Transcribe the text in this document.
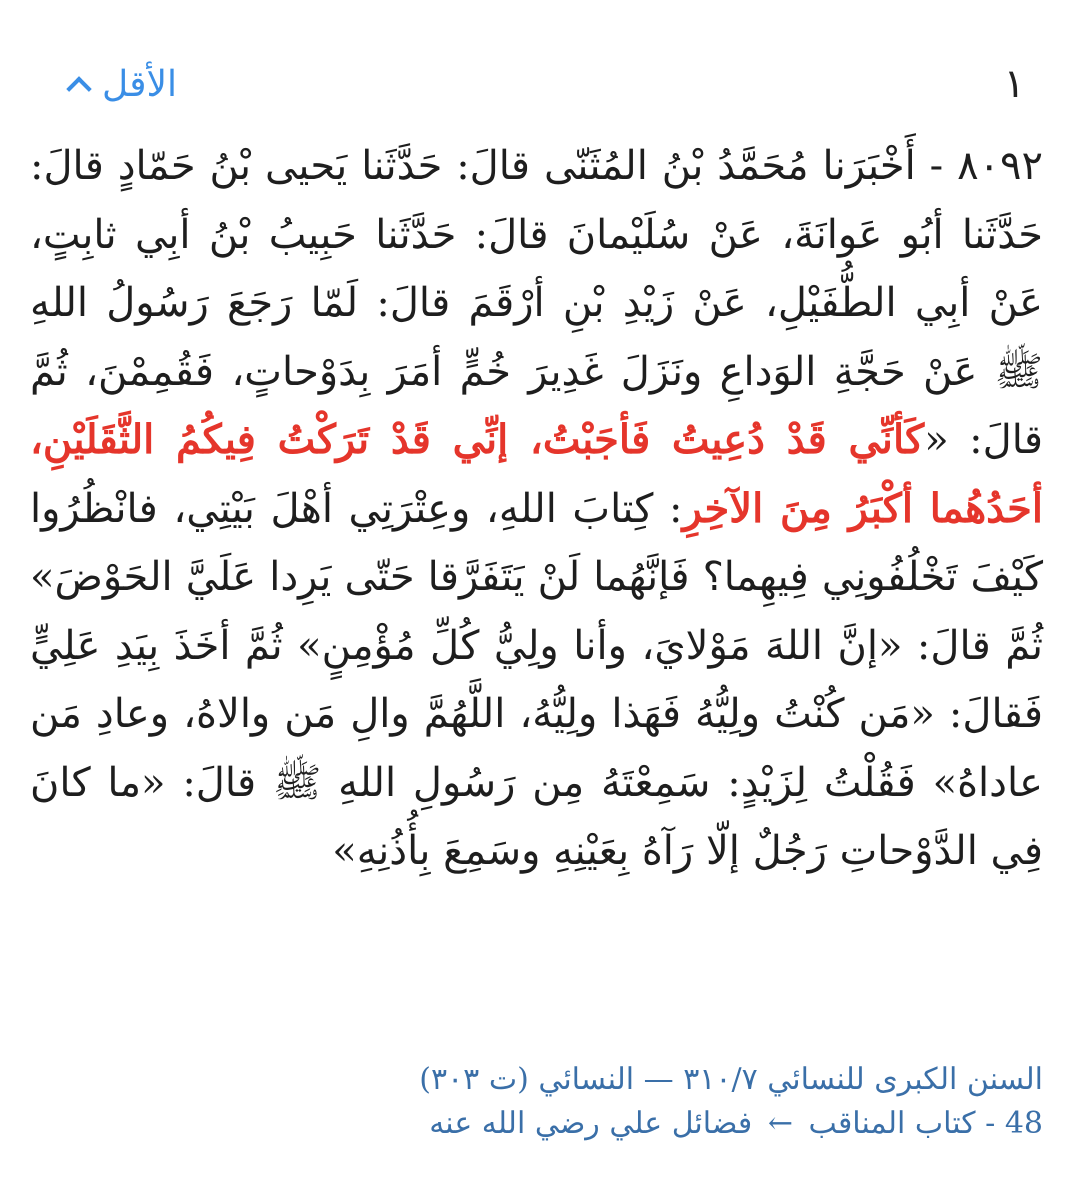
الأقل	١
٨٠٩٢ - أَخْبَرَنا مُحَمَّدُ بْنُ المُثَنّى قالَ: حَدَّثَنا يَحيى بْنُ حَمّادٍ قالَ: حَدَّثَنا أبُو عَوانَةَ، عَنْ سُلَيْمانَ قالَ: حَدَّثَنا حَبِيبُ بْنُ أبِي ثابِتٍ، عَنْ أبِي الطُّفَيْلِ، عَنْ زَيْدِ بْنِ أرْقَمَ قالَ: لَمّا رَجَعَ رَسُولُ اللهِ ﷺ عَنْ حَجَّةِ الوَداعِ ونَزَلَ غَدِيرَ خُمٍّ أمَرَ بِدَوْحاتٍ، فَقُمِمْنَ، ثُمَّ قالَ: «كَأنِّي قَدْ دُعِيتُ فَأجَبْتُ، إنِّي قَدْ تَرَكْتُ فِيكُمُ الثَّقَلَيْنِ، أحَدُهُما أكْبَرُ مِنَ الآخِرِ: كِتابَ اللهِ، وعِتْرَتِي أهْلَ بَيْتِي، فانْظُرُوا كَيْفَ تَخْلُفُونِي فِيهِما؟ فَإنَّهُما لَنْ يَتَفَرَّقا حَتّى يَرِدا عَلَيَّ الحَوْضَ» ثُمَّ قالَ: «إنَّ اللهَ مَوْلايَ، وأنا ولِيُّ كُلِّ مُؤْمِنٍ» ثُمَّ أخَذَ بِيَدِ عَلِيٍّ فَقالَ: «مَن كُنْتُ ولِيُّهُ فَهَذا ولِيُّهُ، اللَّهُمَّ والِ مَن والاهُ، وعادِ مَن عاداهُ» فَقُلْتُ لِزَيْدٍ: سَمِعْتَهُ مِن رَسُولِ اللهِ ﷺ قالَ: «ما كانَ فِي الدَّوْحاتِ رَجُلٌ إلّا رَآهُ بِعَيْنِهِ وسَمِعَ بِأُذُنِهِ»
السنن الكبرى للنسائي ٣١٠/٧ — النسائي (ت ٣٠٣)
48 - كتاب المناقب ← فضائل علي رضي الله عنه
